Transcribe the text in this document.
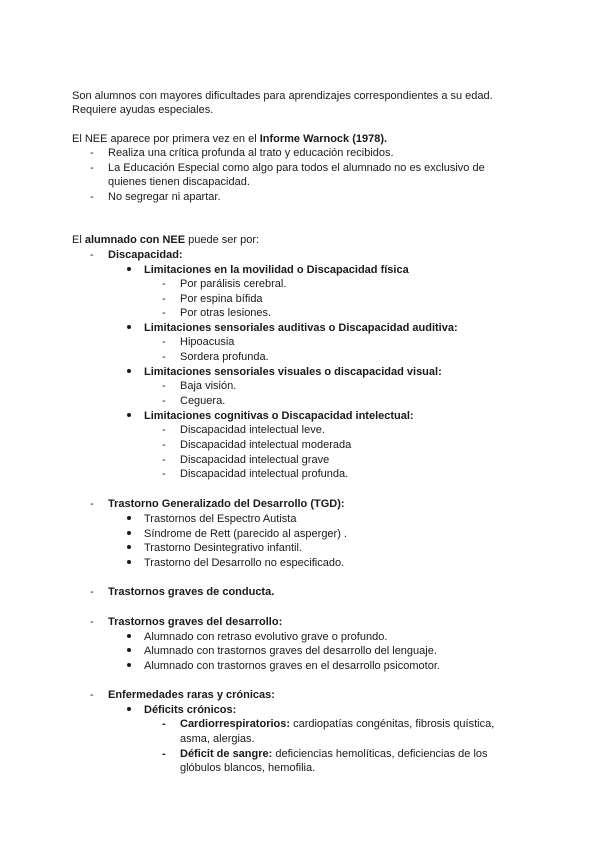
Son alumnos con mayores dificultades para aprendizajes correspondientes a su edad.
Requiere ayudas especiales.
El NEE aparece por primera vez en el Informe Warnock (1978).
- Realiza una crítica profunda al trato y educación recibidos.
- La Educación Especial como algo para todos el alumnado no es exclusivo de
quienes tienen discapacidad.
- No segregar ni apartar.
El alumnado con NEE puede ser por:
- Discapacidad:
Limitaciones en la movilidad o Discapacidad física
- Por parálisis cerebral.
- Por espina bífida
- Por otras lesiones.
Limitaciones sensoriales auditivas o Discapacidad auditiva:
- Hipoacusia
- Sordera profunda.
Limitaciones sensoriales visuales o discapacidad visual:
- Baja visión.
- Ceguera.
Limitaciones cognitivas o Discapacidad intelectual:
- Discapacidad intelectual leve.
- Discapacidad intelectual moderada
- Discapacidad intelectual grave
- Discapacidad intelectual profunda.
- Trastorno Generalizado del Desarrollo (TGD):
Trastornos del Espectro Autista
Síndrome de Rett (parecido al asperger) .
Trastorno Desintegrativo infantil.
Trastorno del Desarrollo no especificado.
- Trastornos graves de conducta.
- Trastornos graves del desarrollo:
Alumnado con retraso evolutivo grave o profundo.
Alumnado con trastornos graves del desarrollo del lenguaje.
Alumnado con trastornos graves en el desarrollo psicomotor.
- Enfermedades raras y crónicas:
Déficits crónicos:
- Cardiorrespiratorios: cardiopatías congénitas, fibrosis quística,
asma, alergias.
- Déficit de sangre: deficiencias hemolíticas, deficiencias de los
glóbulos blancos, hemofilia.
